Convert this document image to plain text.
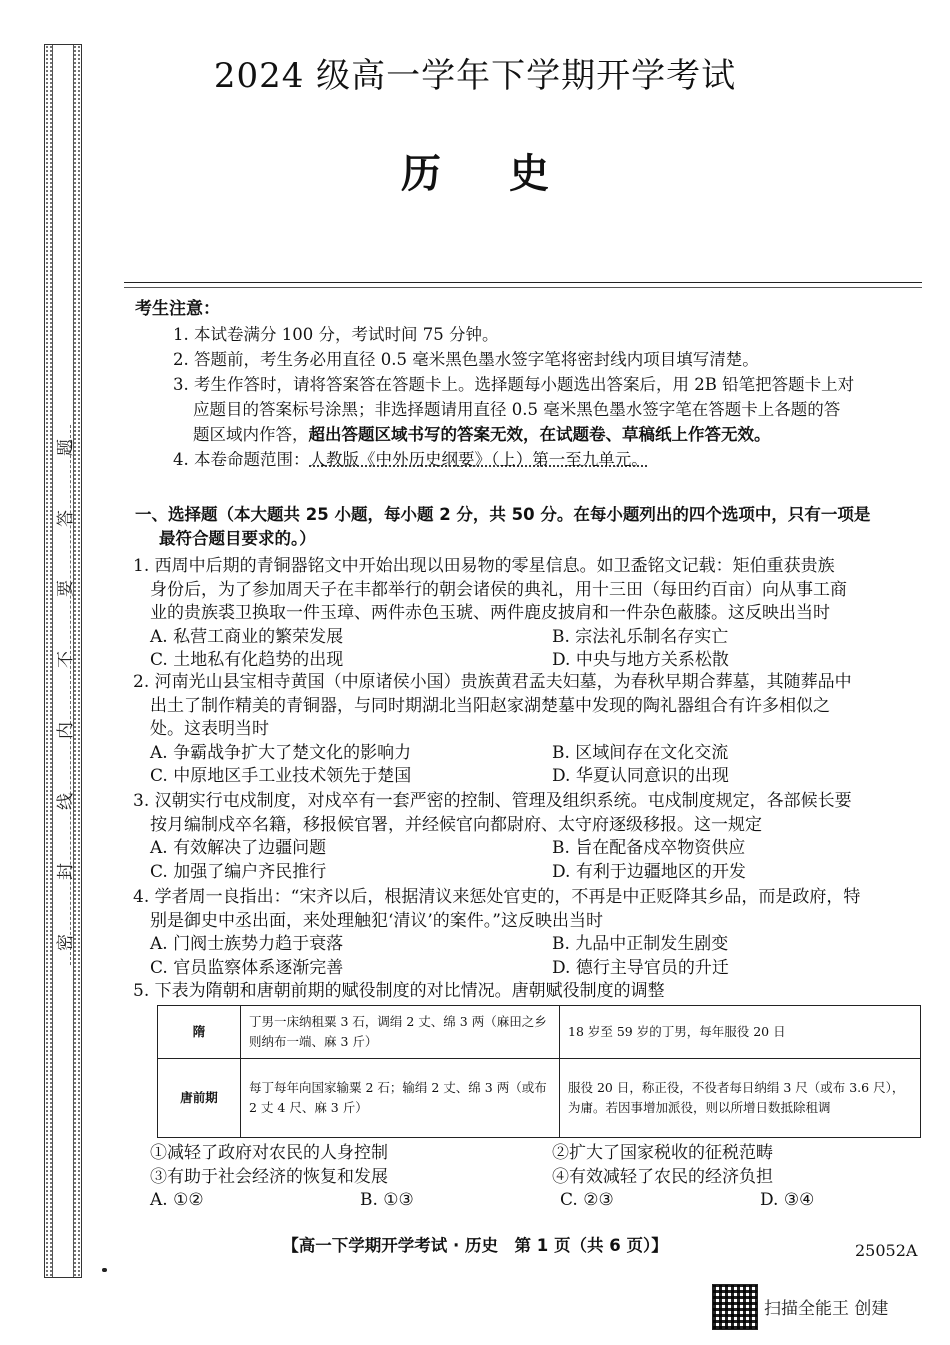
密
封
线
内
不
要
答
题
2024 级高一学年下学期开学考试
历史
考生注意：
1. 本试卷满分 100 分，考试时间 75 分钟。
2. 答题前，考生务必用直径 0.5 毫米黑色墨水签字笔将密封线内项目填写清楚。
3. 考生作答时，请将答案答在答题卡上。选择题每小题选出答案后，用 2B 铅笔把答题卡上对
应题目的答案标号涂黑；非选择题请用直径 0.5 毫米黑色墨水签字笔在答题卡上各题的答
题区域内作答，超出答题区域书写的答案无效，在试题卷、草稿纸上作答无效。
4. 本卷命题范围：人教版《中外历史纲要》（上）第一至九单元。
一、选择题（本大题共 25 小题，每小题 2 分，共 50 分。在每小题列出的四个选项中，只有一项是
最符合题目要求的。）
1. 西周中后期的青铜器铭文中开始出现以田易物的零星信息。如卫盉铭文记载：矩伯重获贵族
身份后，为了参加周天子在丰都举行的朝会诸侯的典礼，用十三田（每田约百亩）向从事工商
业的贵族裘卫换取一件玉璋、两件赤色玉琥、两件鹿皮披肩和一件杂色蔽膝。这反映出当时
A. 私营工商业的繁荣发展	B. 宗法礼乐制名存实亡
C. 土地私有化趋势的出现	D. 中央与地方关系松散
2. 河南光山县宝相寺黄国（中原诸侯小国）贵族黄君孟夫妇墓，为春秋早期合葬墓，其随葬品中
出土了制作精美的青铜器，与同时期湖北当阳赵家湖楚墓中发现的陶礼器组合有许多相似之
处。这表明当时
A. 争霸战争扩大了楚文化的影响力	B. 区域间存在文化交流
C. 中原地区手工业技术领先于楚国	D. 华夏认同意识的出现
3. 汉朝实行屯戍制度，对戍卒有一套严密的控制、管理及组织系统。屯戍制度规定，各部候长要
按月编制戍卒名籍，移报候官署，并经候官向都尉府、太守府逐级移报。这一规定
A. 有效解决了边疆问题	B. 旨在配备戍卒物资供应
C. 加强了编户齐民推行	D. 有利于边疆地区的开发
4. 学者周一良指出：“宋齐以后，根据清议来惩处官吏的，不再是中正贬降其乡品，而是政府，特
别是御史中丞出面，来处理触犯‘清议’的案件。”这反映出当时
A. 门阀士族势力趋于衰落	B. 九品中正制发生剧变
C. 官员监察体系逐渐完善	D. 德行主导官员的升迁
5. 下表为隋朝和唐朝前期的赋役制度的对比情况。唐朝赋役制度的调整
隋	丁男一床纳租粟 3 石，调绢 2 丈、绵 3 两（麻田之乡则纳布一端、麻 3 斤）	18 岁至 59 岁的丁男，每年服役 20 日
唐前期	每丁每年向国家输粟 2 石；输绢 2 丈、绵 3 两（或布 2 丈 4 尺、麻 3 斤）	服役 20 日，称正役，不役者每日纳绢 3 尺（或布 3.6 尺），为庸。若因事增加派役，则以所增日数抵除租调
①减轻了政府对农民的人身控制	②扩大了国家税收的征税范畴
③有助于社会经济的恢复和发展	④有效减轻了农民的经济负担
A. ①②	B. ①③	C. ②③	D. ③④
【高一下学期开学考试 · 历史　第 1 页（共 6 页）】	25052A
扫描全能王 创建
